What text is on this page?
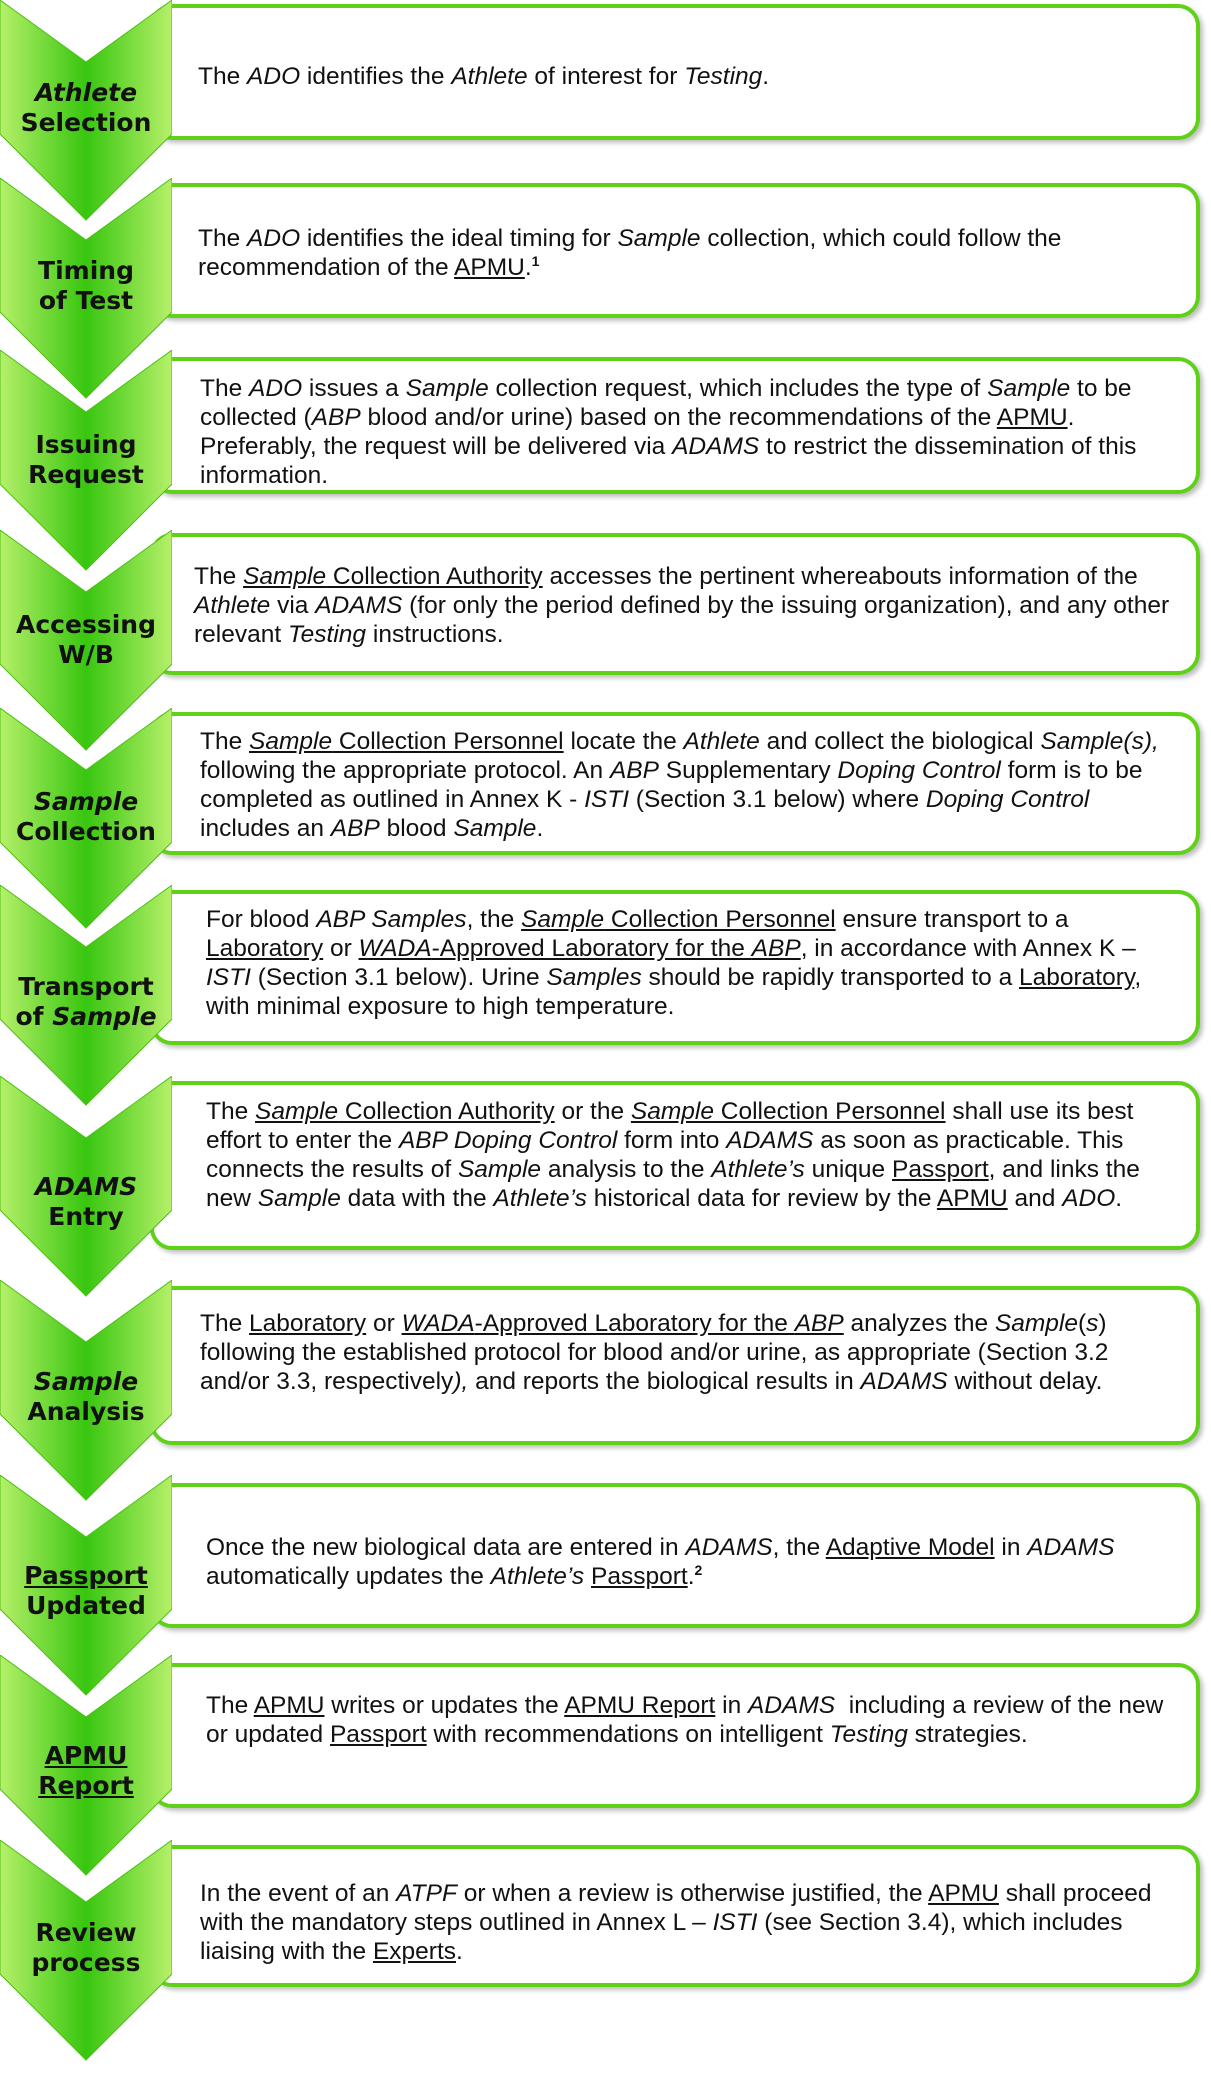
The ADO identifies the Athlete of interest for Testing.
Athlete
Selection
The ADO identifies the ideal timing for Sample collection, which could follow the recommendation of the APMU.$^1$
Timing
of Test
The ADO issues a Sample collection request, which includes the type of Sample to be collected (ABP blood and/or urine) based on the recommendations of the APMU. Preferably, the request will be delivered via ADAMS to restrict the dissemination of this information.
Issuing
Request
The Sample Collection Authority accesses the pertinent whereabouts information of the Athlete via ADAMS (for only the period defined by the issuing organization), and any other relevant Testing instructions.
Accessing
W/B
The Sample Collection Personnel locate the Athlete and collect the biological Sample(s), following the appropriate protocol. An ABP Supplementary Doping Control form is to be completed as outlined in Annex K - ISTI (Section 3.1 below) where Doping Control includes an ABP blood Sample.
Sample
Collection
For blood ABP Samples, the Sample Collection Personnel ensure transport to a Laboratory or WADA-Approved Laboratory for the ABP, in accordance with Annex K – ISTI (Section 3.1 below). Urine Samples should be rapidly transported to a Laboratory, with minimal exposure to high temperature.
Transport
of Sample
The Sample Collection Authority or the Sample Collection Personnel shall use its best effort to enter the ABP Doping Control form into ADAMS as soon as practicable. This connects the results of Sample analysis to the Athlete’s unique Passport, and links the new Sample data with the Athlete’s historical data for review by the APMU and ADO.
ADAMS
Entry
The Laboratory or WADA-Approved Laboratory for the ABP analyzes the Sample(s) following the established protocol for blood and/or urine, as appropriate (Section 3.2 and/or 3.3, respectively), and reports the biological results in ADAMS without delay.
Sample
Analysis
Once the new biological data are entered in ADAMS, the Adaptive Model in ADAMS automatically updates the Athlete’s Passport.$^2$
Passport
Updated
The APMU writes or updates the APMU Report in ADAMS  including a review of the new or updated Passport with recommendations on intelligent Testing strategies.
APMU
Report
In the event of an ATPF or when a review is otherwise justified, the APMU shall proceed with the mandatory steps outlined in Annex L – ISTI (see Section 3.4), which includes liaising with the Experts.
Review
process
